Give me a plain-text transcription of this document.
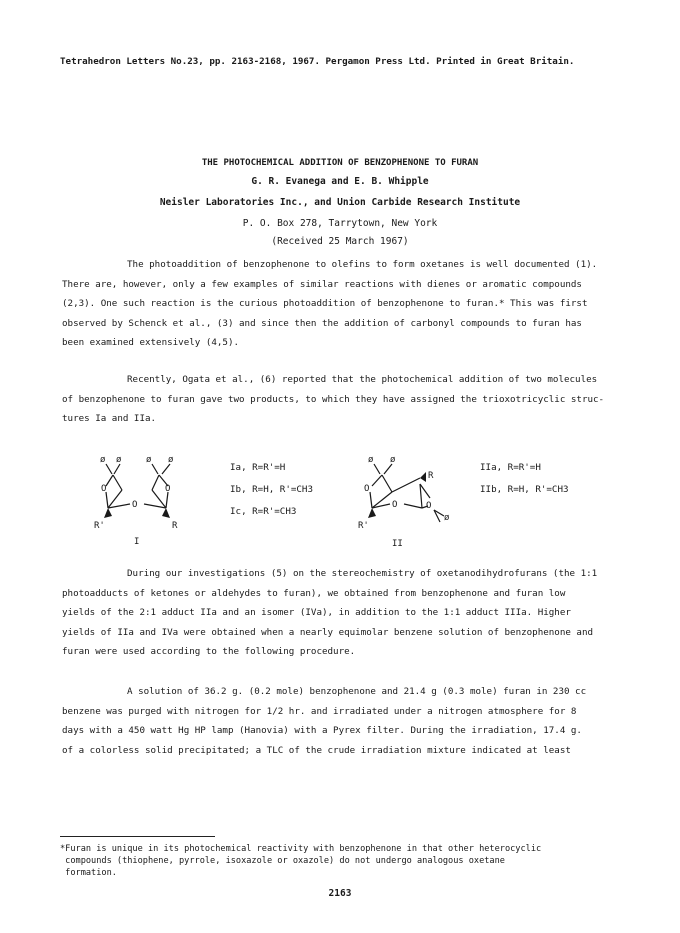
Tetrahedron Letters No.23, pp. 2163-2168, 1967. Pergamon Press Ltd. Printed in Great Britain.
THE PHOTOCHEMICAL ADDITION OF BENZOPHENONE TO FURAN
G. R. Evanega and E. B. Whipple
Neisler Laboratories Inc., and Union Carbide Research Institute
P. O. Box 278, Tarrytown, New York
(Received 25 March 1967)
The photoaddition of benzophenone to olefins to form oxetanes is well documented (1).
There are, however, only a few examples of similar reactions with dienes or aromatic compounds
(2,3). One such reaction is the curious photoaddition of benzophenone to furan.* This was first
observed by Schenck et al., (3) and since then the addition of carbonyl compounds to furan has
been examined extensively (4,5).
Recently, Ogata et al., (6) reported that the photochemical addition of two molecules
of benzophenone to furan gave two products, to which they have assigned the trioxotricyclic struc-
tures Ia and IIa.
ø ø	ø ø
O	O
O
R'	R
I
Ia, R=R'=H
Ib, R=H, R'=CH3
Ic, R=R'=CH3
ø ø
ø
O
O	O
R
R'
II
IIa, R=R'=H
IIb, R=H, R'=CH3
During our investigations (5) on the stereochemistry of oxetanodihydrofurans (the 1:1
photoadducts of ketones or aldehydes to furan), we obtained from benzophenone and furan low
yields of the 2:1 adduct IIa and an isomer (IVa), in addition to the 1:1 adduct IIIa. Higher
yields of IIa and IVa were obtained when a nearly equimolar benzene solution of benzophenone and
furan were used according to the following procedure.
A solution of 36.2 g. (0.2 mole) benzophenone and 21.4 g (0.3 mole) furan in 230 cc
benzene was purged with nitrogen for 1/2 hr. and irradiated under a nitrogen atmosphere for 8
days with a 450 watt Hg HP lamp (Hanovia) with a Pyrex filter. During the irradiation, 17.4 g.
of a colorless solid precipitated; a TLC of the crude irradiation mixture indicated at least
*Furan is unique in its photochemical reactivity with benzophenone in that other heterocyclic
compounds (thiophene, pyrrole, isoxazole or oxazole) do not undergo analogous oxetane
formation.
2163
